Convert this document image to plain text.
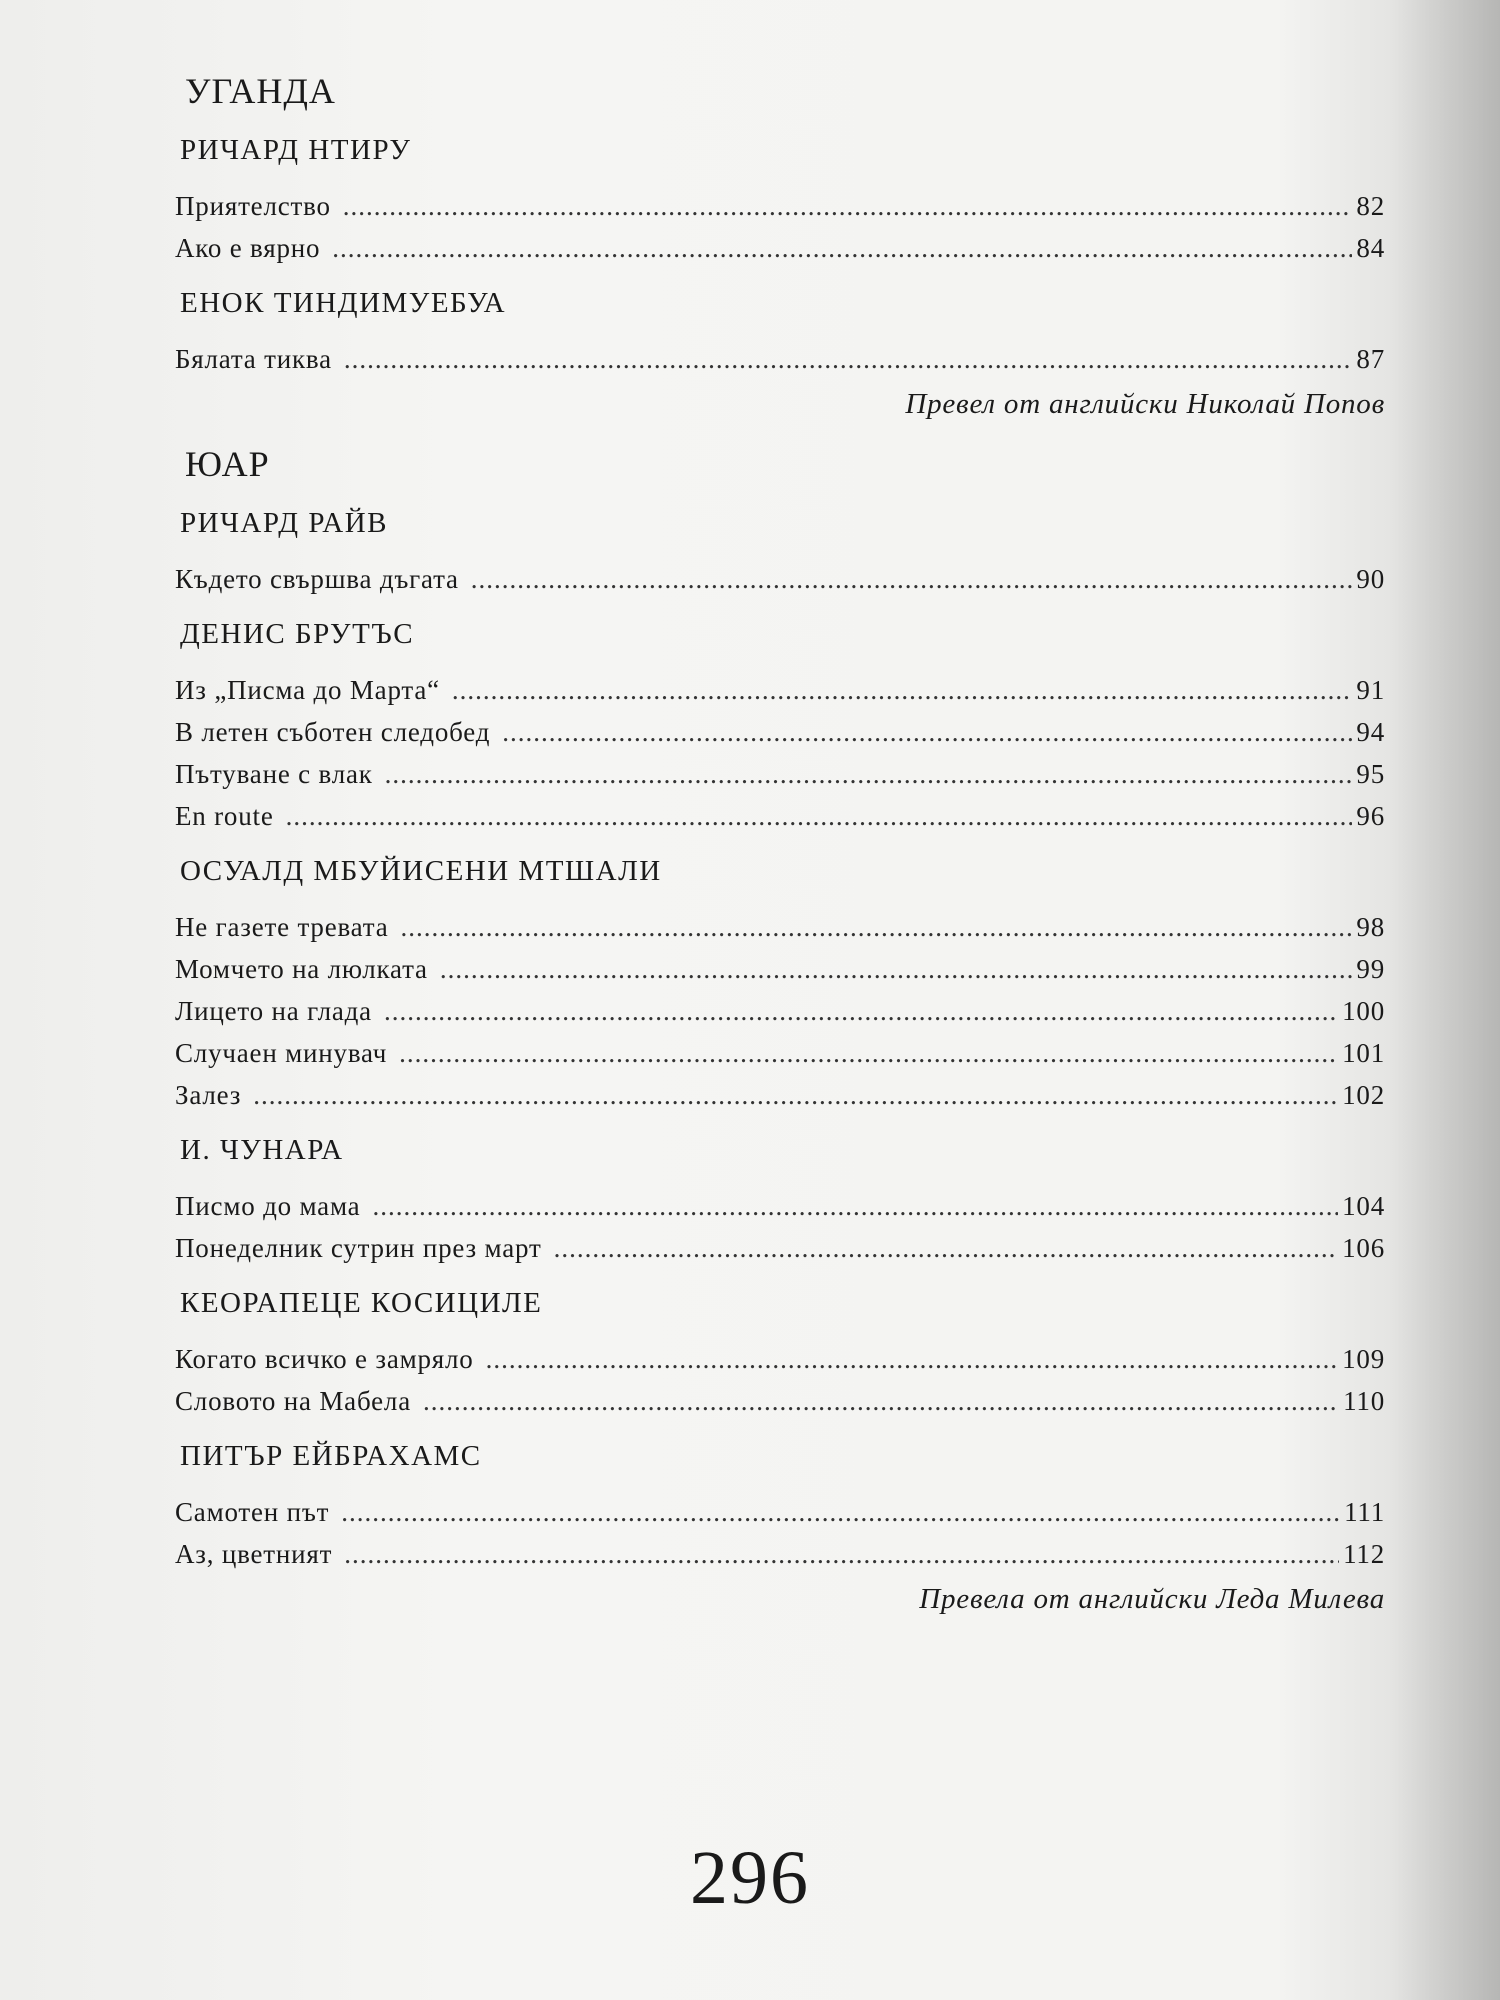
УГАНДА
РИЧАРД НТИРУ
Приятелство .....	82
Ако е вярно .....	84
ЕНОК ТИНДИМУЕБУА
Бялата тиква .....	87
Превел от английски Николай Попов
ЮАР
РИЧАРД РАЙВ
Където свършва дъгата .....	90
ДЕНИС БРУТЪС
Из „Писма до Марта“ .....	91
В летен съботен следобед .....	94
Пътуване с влак .....	95
En route .....	96
ОСУАЛД МБУЙИСЕНИ МТШАЛИ
Не газете тревата .....	98
Момчето на люлката .....	99
Лицето на глада .....	100
Случаен минувач .....	101
Залез .....	102
И. ЧУНАРА
Писмо до мама .....	104
Понеделник сутрин през март .....	106
КЕОРАПЕЦЕ КОСИЦИЛЕ
Когато всичко е замряло .....	109
Словото на Мабела .....	110
ПИТЪР ЕЙБРАХАМС
Самотен път .....	111
Аз, цветният .....	112
Превела от английски Леда Милева
296
